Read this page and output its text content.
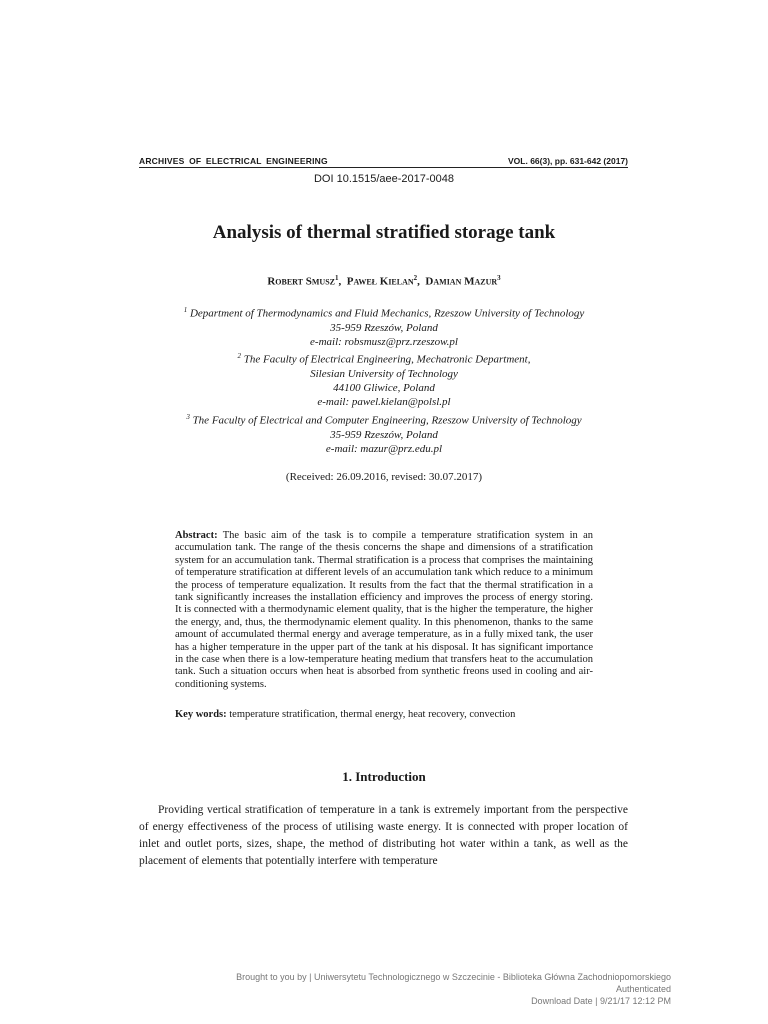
ARCHIVES OF ELECTRICAL ENGINEERING	VOL. 66(3), pp. 631-642 (2017)
DOI 10.1515/aee-2017-0048
Analysis of thermal stratified storage tank
Robert Smusz$^1$,  Paweł Kielan$^2$,  Damian Mazur$^3$
$^1$ Department of Thermodynamics and Fluid Mechanics, Rzeszow University of Technology
35-959 Rzeszów, Poland
e-mail: robsmusz@prz.rzeszow.pl
$^2$ The Faculty of Electrical Engineering, Mechatronic Department,
Silesian University of Technology
44100 Gliwice, Poland
e-mail: pawel.kielan@polsl.pl
$^3$ The Faculty of Electrical and Computer Engineering, Rzeszow University of Technology
35-959 Rzeszów, Poland
e-mail: mazur@prz.edu.pl
(Received: 26.09.2016, revised: 30.07.2017)
Abstract: The basic aim of the task is to compile a temperature stratification system in an accumulation tank. The range of the thesis concerns the shape and dimensions of a stratification system for an accumulation tank. Thermal stratification is a process that comprises the maintaining of temperature stratification at different levels of an accumulation tank which reduce to a minimum the process of temperature equalization. It results from the fact that the thermal stratification in a tank significantly increases the installation efficiency and improves the process of energy storing. It is connected with a thermodynamic element quality, that is the higher the temperature, the higher the energy, and, thus, the thermodynamic element quality. In this phenomenon, thanks to the same amount of accumulated thermal energy and average temperature, as in a fully mixed tank, the user has a higher temperature in the upper part of the tank at his disposal. It has significant importance in the case when there is a low-temperature heating medium that transfers heat to the accumulation tank. Such a situation occurs when heat is absorbed from synthetic freons used in cooling and air-conditioning systems.
Key words: temperature stratification, thermal energy, heat recovery, convection
1. Introduction
Providing vertical stratification of temperature in a tank is extremely important from the perspective of energy effectiveness of the process of utilising waste energy. It is connected with proper location of inlet and outlet ports, sizes, shape, the method of distributing hot water within a tank, as well as the placement of elements that potentially interfere with temperature
Brought to you by | Uniwersytetu Technologicznego w Szczecinie - Biblioteka Główna Zachodniopomorskiego
Authenticated
Download Date | 9/21/17 12:12 PM
